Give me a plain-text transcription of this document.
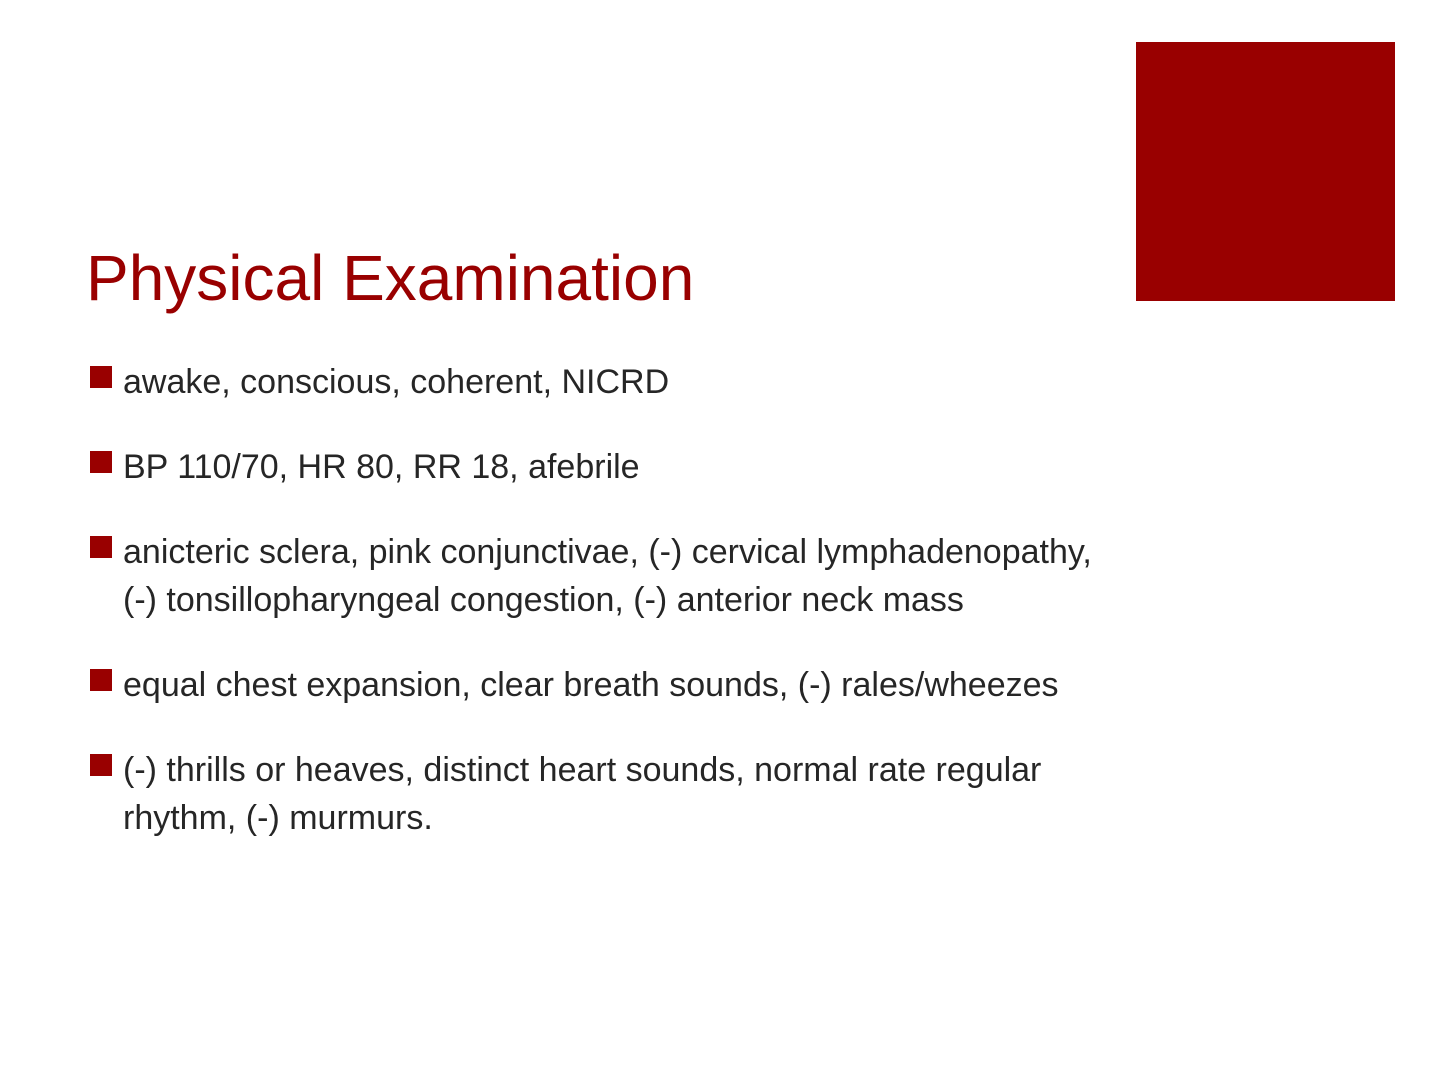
Physical Examination
awake, conscious, coherent, NICRD
BP 110/70, HR 80, RR 18, afebrile
anicteric sclera, pink conjunctivae, (-) cervical lymphadenopathy, (-) tonsillopharyngeal congestion, (-) anterior neck mass
equal chest expansion, clear breath sounds, (-) rales/wheezes
(-) thrills or heaves, distinct heart sounds, normal rate regular rhythm, (-) murmurs.
